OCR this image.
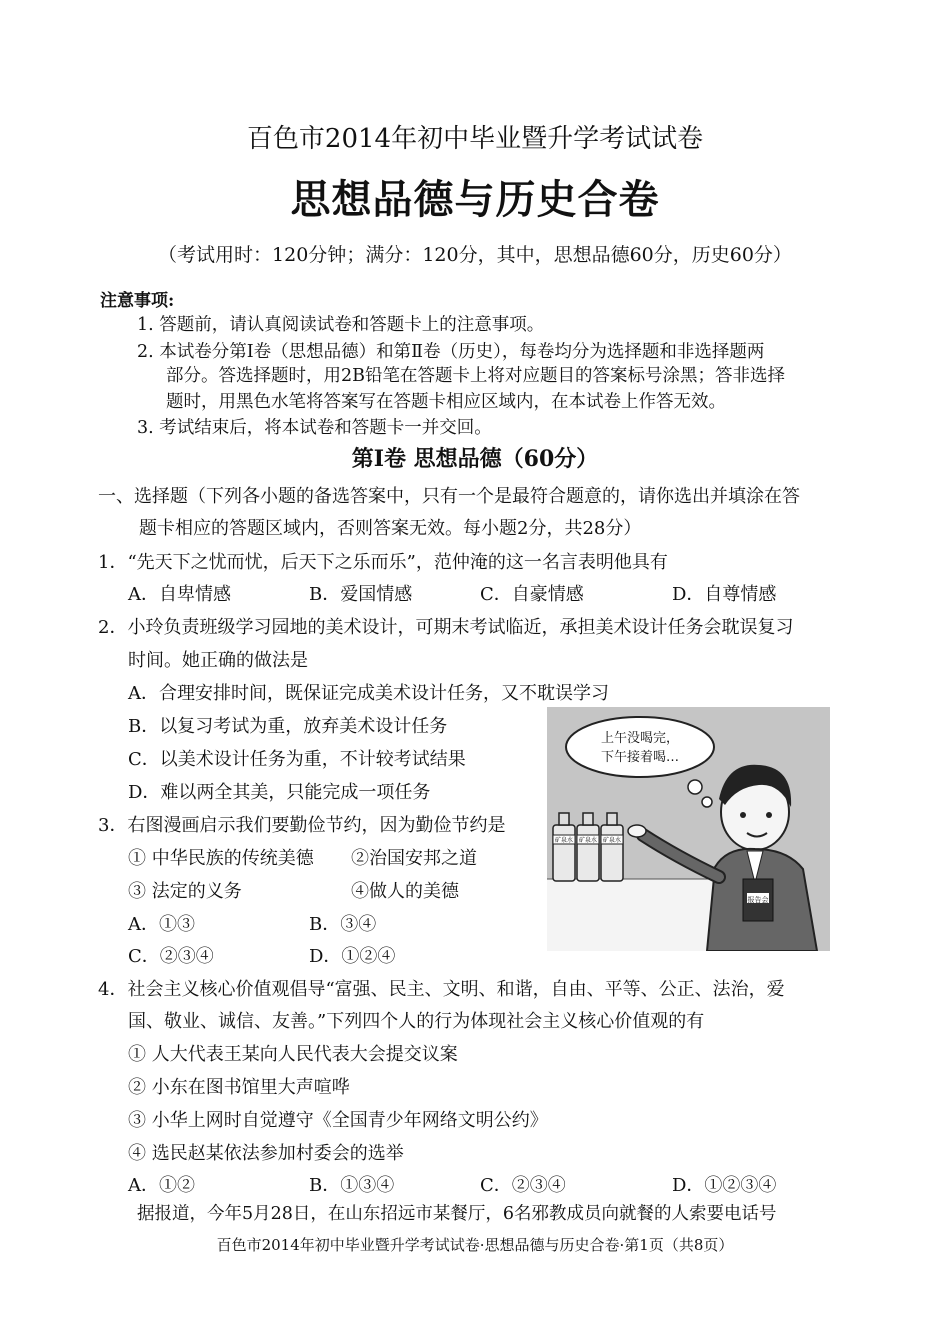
百色市2014年初中毕业暨升学考试试卷
思想品德与历史合卷
（考试用时：120分钟；满分：120分，其中，思想品德60分，历史60分）
注意事项:
1. 答题前，请认真阅读试卷和答题卡上的注意事项。
2. 本试卷分第Ⅰ卷（思想品德）和第Ⅱ卷（历史），每卷均分为选择题和非选择题两
部分。答选择题时，用2B铅笔在答题卡上将对应题目的答案标号涂黑；答非选择
题时，用黑色水笔将答案写在答题卡相应区域内，在本试卷上作答无效。
3. 考试结束后，将本试卷和答题卡一并交回。
第Ⅰ卷 思想品德（60分）
一、选择题（下列各小题的备选答案中，只有一个是最符合题意的，请你选出并填涂在答
题卡相应的答题区域内，否则答案无效。每小题2分，共28分）
1．“先天下之忧而忧，后天下之乐而乐”，范仲淹的这一名言表明他具有
A．自卑情感	B．爱国情感	C．自豪情感	D．自尊情感
2．小玲负责班级学习园地的美术设计，可期末考试临近，承担美术设计任务会耽误复习
时间。她正确的做法是
A．合理安排时间，既保证完成美术设计任务，又不耽误学习
B．以复习考试为重，放弃美术设计任务
C．以美术设计任务为重，不计较考试结果
D．难以两全其美，只能完成一项任务
3．右图漫画启示我们要勤俭节约，因为勤俭节约是
① 中华民族的传统美德 ②治国安邦之道
③ 法定的义务	④做人的美德
A．①③	B．③④
C．②③④	D．①②④
上午没喝完，
下午接着喝…
报告会
矿泉水 矿泉水 矿泉水
4．社会主义核心价值观倡导“富强、民主、文明、和谐，自由、平等、公正、法治，爱
国、敬业、诚信、友善。”下列四个人的行为体现社会主义核心价值观的有
① 人大代表王某向人民代表大会提交议案
② 小东在图书馆里大声喧哗
③ 小华上网时自觉遵守《全国青少年网络文明公约》
④ 选民赵某依法参加村委会的选举
A．①②	B．①③④	C．②③④	D．①②③④
据报道，今年5月28日，在山东招远市某餐厅，6名邪教成员向就餐的人索要电话号
百色市2014年初中毕业暨升学考试试卷·思想品德与历史合卷·第1页（共8页）
